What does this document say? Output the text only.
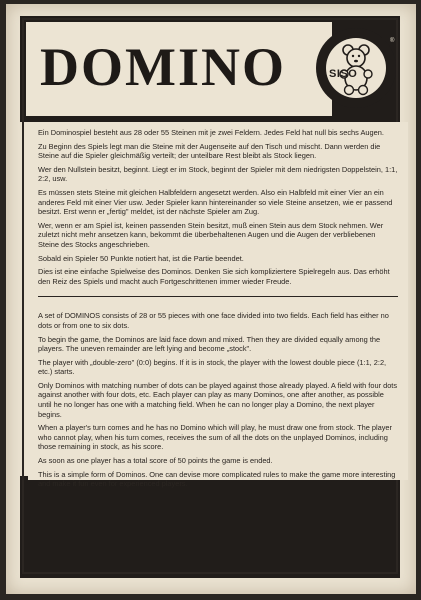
DOMINO	SISO
®

Ein Dominospiel besteht aus 28 oder 55 Steinen mit je zwei Feldern. Jedes Feld hat null bis sechs Augen.

Zu Beginn des Spiels legt man die Steine mit der Augenseite auf den Tisch und mischt. Dann werden die Steine auf die Spieler gleichmäßig verteilt; der unteilbare Rest bleibt als Stock liegen.

Wer den Nullstein besitzt, beginnt. Liegt er im Stock, beginnt der Spieler mit dem niedrigsten Doppelstein, 1:1, 2:2, usw.

Es müssen stets Steine mit gleichen Halbfeldern angesetzt werden. Also ein Halbfeld mit einer Vier an ein anderes Feld mit einer Vier usw. Jeder Spieler kann hintereinander so viele Steine ansetzen, wie er passend besitzt. Erst wenn er „fertig" meldet, ist der nächste Spieler am Zug.

Wer, wenn er am Spiel ist, keinen passenden Stein besitzt, muß einen Stein aus dem Stock nehmen. Wer zuletzt nicht mehr ansetzen kann, bekommt die überbehaltenen Augen und die Augen der verbliebenen Steine des Stocks angeschrieben.

Sobald ein Spieler 50 Punkte notiert hat, ist die Partie beendet.

Dies ist eine einfache Spielweise des Dominos. Denken Sie sich kompliziertere Spielregeln aus. Das erhöht den Reiz des Spiels und macht auch Fortgeschrittenen immer wieder Freude.

A set of DOMINOS consists of 28 or 55 pieces with one face divided into two fields. Each field has either no dots or from one to six dots.

To begin the game, the Dominos are laid face down and mixed. Then they are divided equally among the players. The uneven remainder are left lying and become „stock".

The player with „double-zero" (0:0) begins. If it is in stock, the player with the lowest double piece (1:1, 2:2, etc.) starts.

Only Dominos with matching number of dots can be played against those already played. A field with four dots against another with four dots, etc. Each player can play as many Dominos, one after another, as possible until he no longer has one with a matching field. When he can no longer play a Domino, the next player begins.

When a player's turn comes and he has no Domino which will play, he must draw one from stock. The player who cannot play, when his turn comes, receives the sum of all the dots on the unplayed Dominos, including those remaining in stock, as his score.

As soon as one player has a total score of 50 points the game is ended.

This is a simple form of Dominos. One can devise more complicated rules to make the game more interesting and make it fun even for experienced players.
